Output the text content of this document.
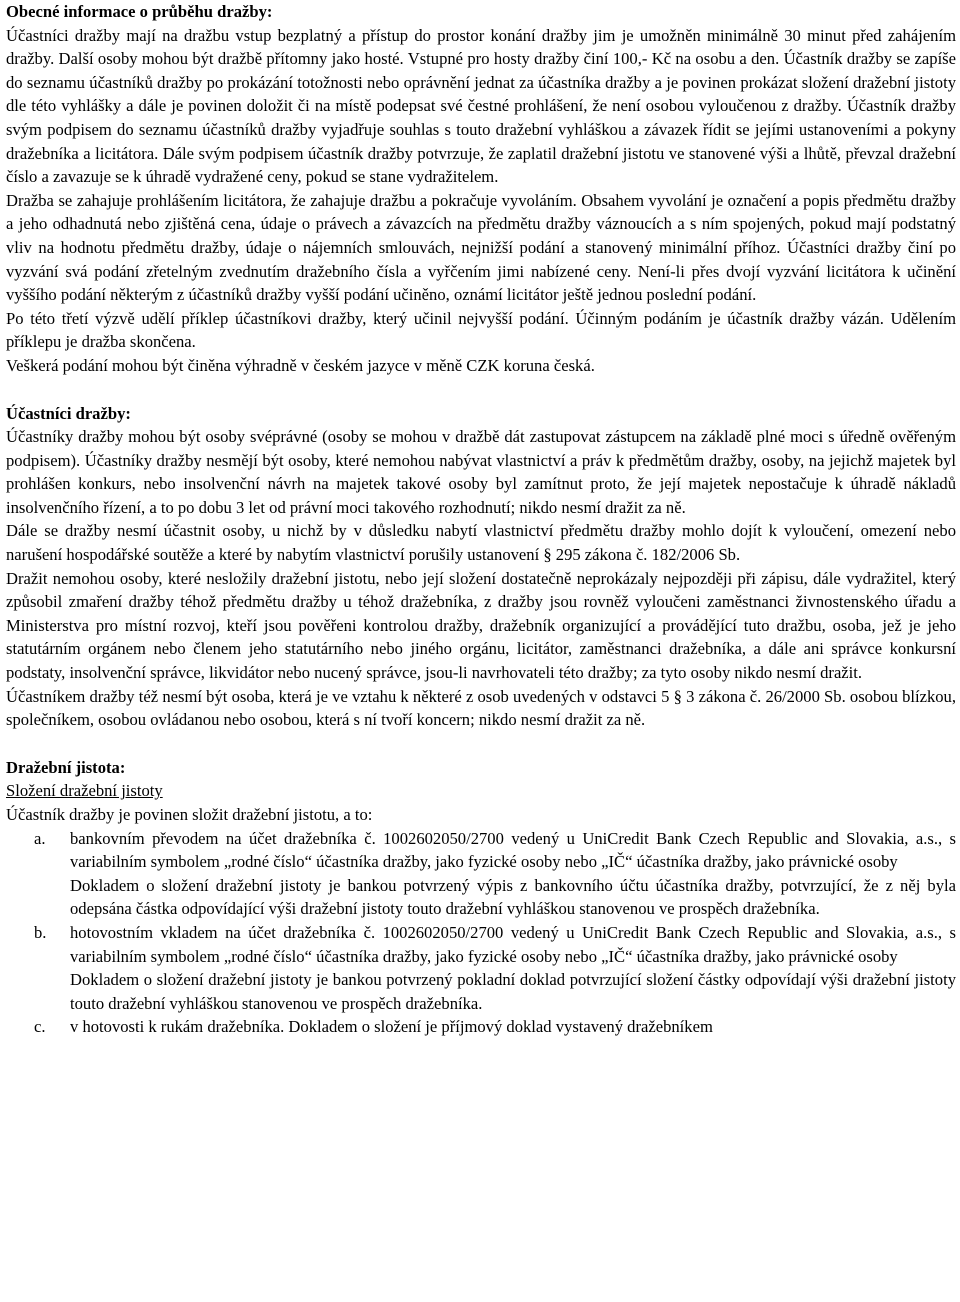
Obecné informace o průběhu dražby:

Účastníci dražby mají na dražbu vstup bezplatný a přístup do prostor konání dražby jim je umožněn minimálně 30 minut před zahájením dražby. Další osoby mohou být dražbě přítomny jako hosté. Vstupné pro hosty dražby činí 100,- Kč na osobu a den. Účastník dražby se zapíše do seznamu účastníků dražby po prokázání totožnosti nebo oprávnění jednat za účastníka dražby a je povinen prokázat složení dražební jistoty dle této vyhlášky a dále je povinen doložit či na místě podepsat své čestné prohlášení, že není osobou vyloučenou z dražby. Účastník dražby svým podpisem do seznamu účastníků dražby vyjadřuje souhlas s touto dražební vyhláškou a závazek řídit se jejími ustanoveními a pokyny dražebníka a licitátora. Dále svým podpisem účastník dražby potvrzuje, že zaplatil dražební jistotu ve stanovené výši a lhůtě, převzal dražební číslo a zavazuje se k úhradě vydražené ceny, pokud se stane vydražitelem.

Dražba se zahajuje prohlášením licitátora, že zahajuje dražbu a pokračuje vyvoláním. Obsahem vyvolání je označení a popis předmětu dražby a jeho odhadnutá nebo zjištěná cena, údaje o právech a závazcích na předmětu dražby váznoucích a s ním spojených, pokud mají podstatný vliv na hodnotu předmětu dražby, údaje o nájemních smlouvách, nejnižší podání a stanovený minimální příhoz. Účastníci dražby činí po vyzvání svá podání zřetelným zvednutím dražebního čísla a vyřčením jimi nabízené ceny. Není-li přes dvojí vyzvání licitátora k učinění vyššího podání některým z účastníků dražby vyšší podání učiněno, oznámí licitátor ještě jednou poslední podání.

Po této třetí výzvě udělí příklep účastníkovi dražby, který učinil nejvyšší podání. Účinným podáním je účastník dražby vázán. Udělením příklepu je dražba skončena.

Veškerá podání mohou být činěna výhradně v českém jazyce v měně CZK koruna česká.

Účastníci dražby:

Účastníky dražby mohou být osoby svéprávné (osoby se mohou v dražbě dát zastupovat zástupcem na základě plné moci s úředně ověřeným podpisem). Účastníky dražby nesmějí být osoby, které nemohou nabývat vlastnictví a práv k předmětům dražby, osoby, na jejichž majetek byl prohlášen konkurs, nebo insolvenční návrh na majetek takové osoby byl zamítnut proto, že její majetek nepostačuje k úhradě nákladů insolvenčního řízení, a to po dobu 3 let od právní moci takového rozhodnutí; nikdo nesmí dražit za ně.

Dále se dražby nesmí účastnit osoby, u nichž by v důsledku nabytí vlastnictví předmětu dražby mohlo dojít k vyloučení, omezení nebo narušení hospodářské soutěže a které by nabytím vlastnictví porušily ustanovení § 295 zákona č. 182/2006 Sb.

Dražit nemohou osoby, které nesložily dražební jistotu, nebo její složení dostatečně neprokázaly nejpozději při zápisu, dále vydražitel, který způsobil zmaření dražby téhož předmětu dražby u téhož dražebníka, z dražby jsou rovněž vyloučeni zaměstnanci živnostenského úřadu a Ministerstva pro místní rozvoj, kteří jsou pověřeni kontrolou dražby, dražebník organizující a provádějící tuto dražbu, osoba, jež je jeho statutárním orgánem nebo členem jeho statutárního nebo jiného orgánu, licitátor, zaměstnanci dražebníka, a dále ani správce konkursní podstaty, insolvenční správce, likvidátor nebo nucený správce, jsou-li navrhovateli této dražby; za tyto osoby nikdo nesmí dražit.

Účastníkem dražby též nesmí být osoba, která je ve vztahu k některé z osob uvedených v odstavci 5 § 3 zákona č. 26/2000 Sb. osobou blízkou, společníkem, osobou ovládanou nebo osobou, která s ní tvoří koncern; nikdo nesmí dražit za ně.

Dražební jistota:

Složení dražební jistoty

Účastník dražby je povinen složit dražební jistotu, a to:

a. bankovním převodem na účet dražebníka č. 1002602050/2700 vedený u UniCredit Bank Czech Republic and Slovakia, a.s., s variabilním symbolem „rodné číslo“ účastníka dražby, jako fyzické osoby nebo „IČ“ účastníka dražby, jako právnické osoby

Dokladem o složení dražební jistoty je bankou potvrzený výpis z bankovního účtu účastníka dražby, potvrzující, že z něj byla odepsána částka odpovídající výši dražební jistoty touto dražební vyhláškou stanovenou ve prospěch dražebníka.

b. hotovostním vkladem na účet dražebníka č. 1002602050/2700 vedený u UniCredit Bank Czech Republic and Slovakia, a.s., s variabilním symbolem „rodné číslo“ účastníka dražby, jako fyzické osoby nebo „IČ“ účastníka dražby, jako právnické osoby

Dokladem o složení dražební jistoty je bankou potvrzený pokladní doklad potvrzující složení částky odpovídají výši dražební jistoty touto dražební vyhláškou stanovenou ve prospěch dražebníka.

c. v hotovosti k rukám dražebníka. Dokladem o složení je příjmový doklad vystavený dražebníkem
